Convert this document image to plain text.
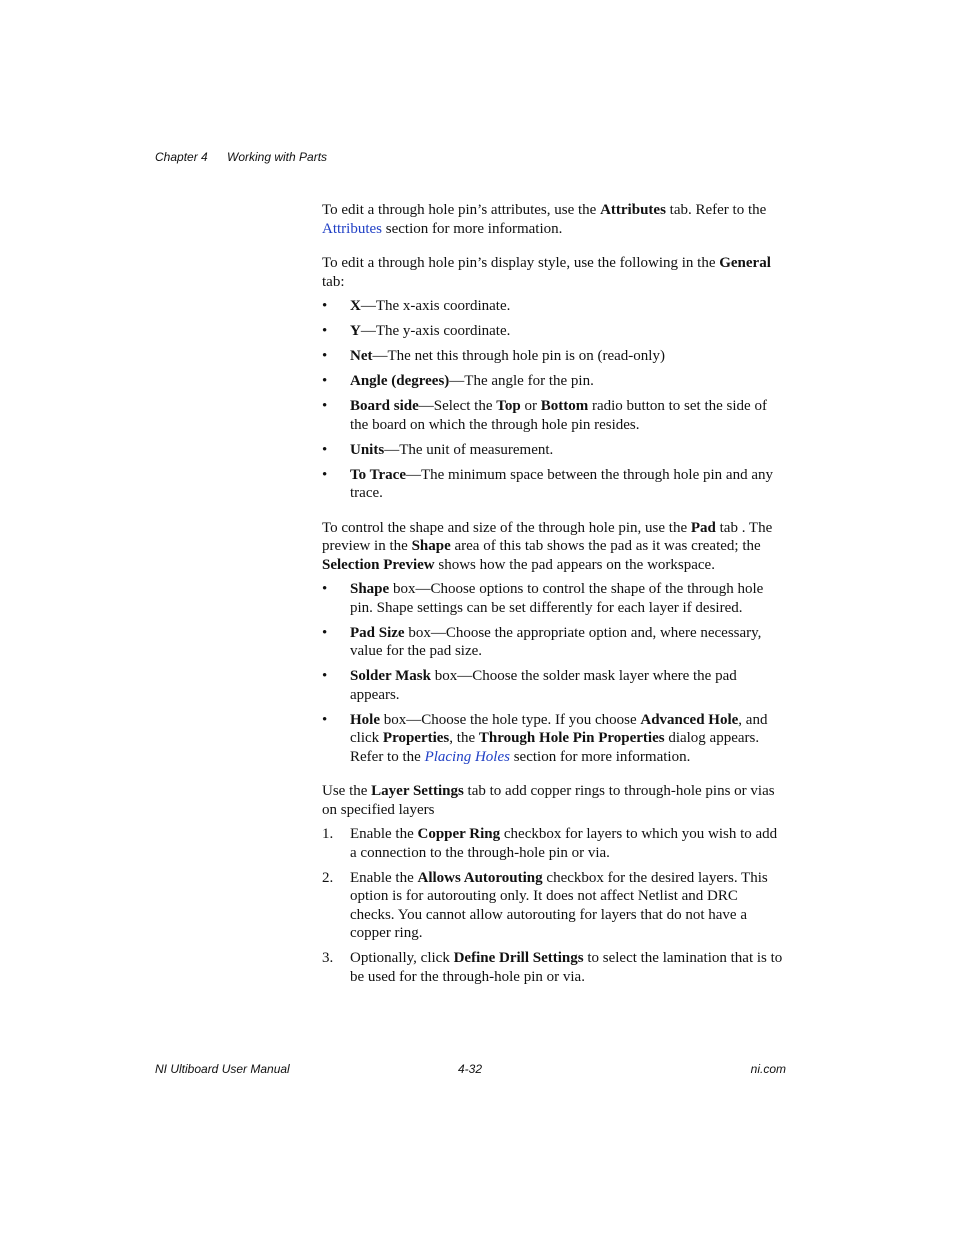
Chapter 4 Working with Parts

To edit a through hole pin’s attributes, use the Attributes tab. Refer to the Attributes section for more information.

To edit a through hole pin’s display style, use the following in the General tab:

• X—The x-axis coordinate.
• Y—The y-axis coordinate.
• Net—The net this through hole pin is on (read-only)
• Angle (degrees)—The angle for the pin.
• Board side—Select the Top or Bottom radio button to set the side of the board on which the through hole pin resides.
• Units—The unit of measurement.
• To Trace—The minimum space between the through hole pin and any trace.

To control the shape and size of the through hole pin, use the Pad tab . The preview in the Shape area of this tab shows the pad as it was created; the Selection Preview shows how the pad appears on the workspace.

• Shape box—Choose options to control the shape of the through hole pin. Shape settings can be set differently for each layer if desired.
• Pad Size box—Choose the appropriate option and, where necessary, value for the pad size.
• Solder Mask box—Choose the solder mask layer where the pad appears.
• Hole box—Choose the hole type. If you choose Advanced Hole, and click Properties, the Through Hole Pin Properties dialog appears. Refer to the Placing Holes section for more information.

Use the Layer Settings tab to add copper rings to through-hole pins or vias on specified layers

1. Enable the Copper Ring checkbox for layers to which you wish to add a connection to the through-hole pin or via.
2. Enable the Allows Autorouting checkbox for the desired layers. This option is for autorouting only. It does not affect Netlist and DRC checks. You cannot allow autorouting for layers that do not have a copper ring.
3. Optionally, click Define Drill Settings to select the lamination that is to be used for the through-hole pin or via.
NI Ultiboard User Manual	4-32	ni.com
